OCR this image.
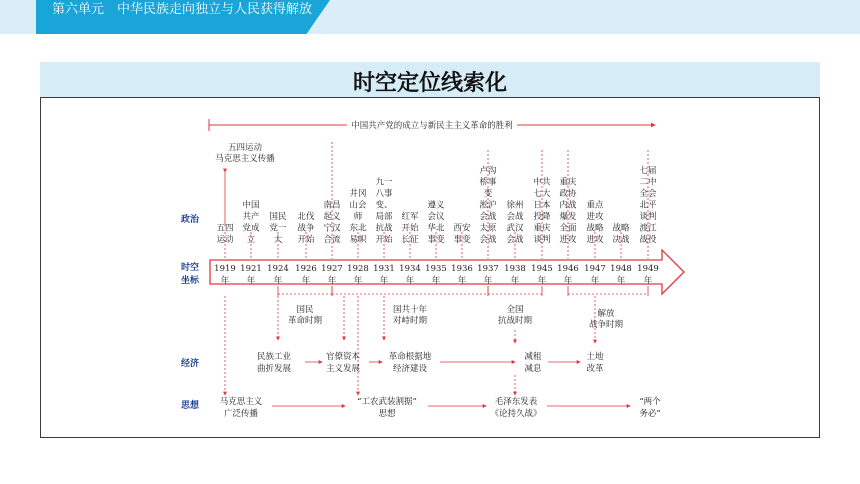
第六单元　中华民族走向独立与人民获得解放
时空定位线索化
中国共产党的成立与新民主主义革命的胜利
政治
时空
坐标
经济
思想
1919
年
1921
年
1924
年
1926
年
1927
年
1928
年
1931
年
1934
年
1935
年
1936
年
1937
年
1938
年
1945
年
1946
年
1947
年
1948
年
1949
年
五四运动
马克思主义传播
五四
运动
中国
共产
党成
立
国民
党一
大
北伐
战争
开始
南昌
起义
宁汉
合流
井冈
山会
师
东北
易帜
九一
八事
变、
局部
抗战
开始
红军
开始
长征
遵义
会议
华北
事变
西安
事变
卢沟
桥事
变
淞沪
会战
太原
会战
徐州
会战
武汉
会战
中共
七大
日本
投降
重庆
谈判
重庆
政协
内战
爆发
全面
进攻
重点
进攻
战略
进攻
战略
决战
七届
二中
全会
北平
谈判
渡江
战役
国民
革命时期
国共十年
对峙时期
全国
抗战时期
解放
战争时期
民族工业
曲折发展
官僚资本
主义发展
革命根据地
经济建设
减租
减息
土地
改革
马克思主义
广泛传播
“工农武装割据”
思想
毛泽东发表
《论持久战》
“两个
务必”
